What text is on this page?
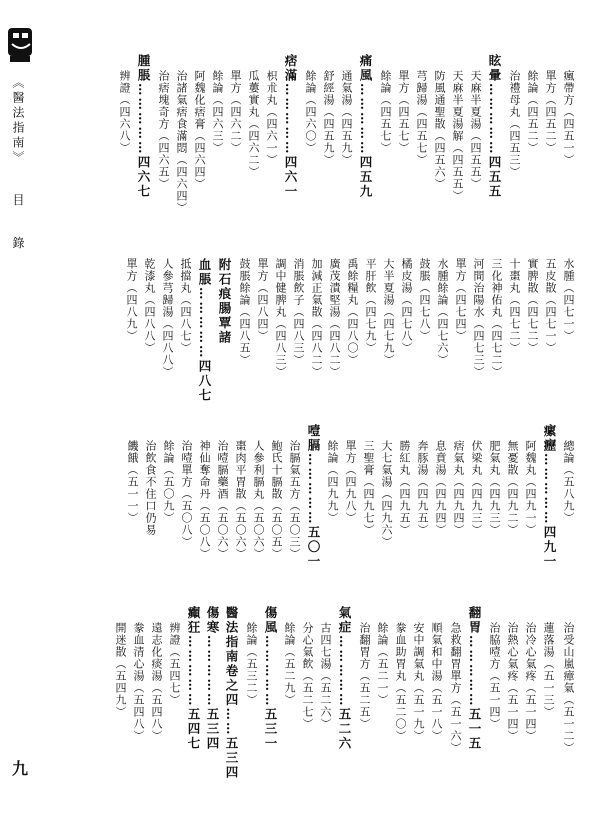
《醫法指南》  目  錄
瘋帶方（四五一）
單方（四五二）
餘論（四五二）
治禮母丸（四五三）
眩暈……………四五五
天麻半夏湯（四五五）
天麻半夏湯解（四五五）
防風通聖散（四五六）
芎歸湯（四五七）
單方（四五七）
餘論（四五七）
痛風……………四五九
通氣湯（四五九）
舒經湯（四五九）
餘論（四六〇）
痞滿……………四六一
枳朮丸（四六一）
瓜蔞實丸（四六二）
單方（四六二）
餘論（四六三）
阿魏化痞膏（四六四）
治諸氣痞食滿悶（四六四）
治痞塊奇方（四六五）
腫脹……………四六七
辨證（四六八）
水腫（四七一）
五皮散（四七一）
實脾散（四七二）
十棗丸（四七二）
三化神佑丸（四七二）
河間治陽水（四七三）
單方（四七四）
水腫餘論（四七六）
鼓脹（四七八）
橘皮湯（四七八）
大半夏湯（四七九）
平肝飲（四七九）
禹餘糧丸（四八〇）
廣茂潰堅湯（四八二）
加減正氣散（四八二）
消脹飲子（四八三）
調中健脾丸（四八三）
單方（四八四）
鼓脹餘論（四八五）
附石痕腸覃諸
血脹……………四八七
抵擋丸（四八七）
人參芎歸湯（四八八）
乾漆丸（四八八）
單方（四八九）
總論（五八九）
瘰癧……………四九一
阿魏丸（四九一）
無憂散（四九二）
肥氣丸（四九三）
伏梁丸（四九三）
痞氣丸（四九四）
息賁湯（四九四）
奔豚湯（四九五）
勝紅丸（四九五）
大七氣湯（四九六）
三聖膏（四九七）
單方（四九八）
餘論（四九九）
噎膈……………五〇一
治膈氣五方（五〇三）
鮑氏十膈散（五〇五）
人參利膈丸（五〇六）
棗肉平胃散（五〇六）
治噎膈藥酒（五〇六）
神仙奪命丹（五〇八）
治噎單方（五〇八）
餘論（五〇九）
治飲食不住口仍易
饑餓（五一一）
治受山嵐瘴氣（五一二）
蓮落湯（五一三）
治冷心氣疼（五一四）
治熱心氣疼（五一四）
治脇噎方（五一四）
翻胃……………五一五
急救翻胃單方（五一六）
順氣和中湯（五一八）
安中調氣丸（五一九）
豢血助胃丸（五二〇）
餘論（五二一）
治翻胃方（五二五）
氣症……………五二六
古四七湯（五二六）
分心氣飲（五二七）
餘論（五二九）
傷風……………五三一
餘論（五三二）
醫法指南卷之四……五三四
傷寒……………五三四
癲狂……………五四七
辨證（五四七）
遠志化痰湯（五四八）
豢血清心湯（五四八）
開迷散（五四九）
九
